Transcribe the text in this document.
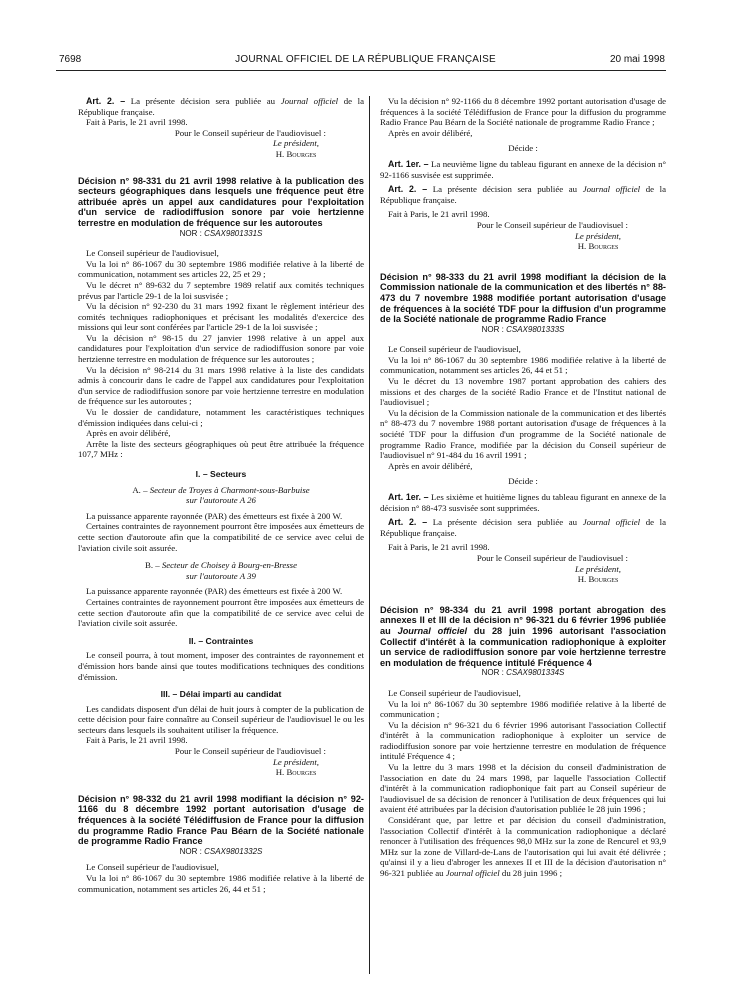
7698	JOURNAL OFFICIEL DE LA RÉPUBLIQUE FRANÇAISE	20 mai 1998

Art. 2. – La présente décision sera publiée au Journal officiel de la République française.

Fait à Paris, le 21 avril 1998.

Pour le Conseil supérieur de l'audiovisuel :

Le président,

H. Bourges

Décision n° 98-331 du 21 avril 1998 relative à la publication des secteurs géographiques dans lesquels une fréquence peut être attribuée après un appel aux candidatures pour l'exploitation d'un service de radiodiffusion sonore par voie hertzienne terrestre en modulation de fréquence sur les autoroutes

NOR : CSAX9801331S

Le Conseil supérieur de l'audiovisuel,

Vu la loi n° 86-1067 du 30 septembre 1986 modifiée relative à la liberté de communication, notamment ses articles 22, 25 et 29 ;

Vu le décret n° 89-632 du 7 septembre 1989 relatif aux comités techniques prévus par l'article 29-1 de la loi susvisée ;

Vu la décision n° 92-230 du 31 mars 1992 fixant le règlement intérieur des comités techniques radiophoniques et précisant les modalités d'exercice des missions qui leur sont conférées par l'article 29-1 de la loi susvisée ;

Vu la décision n° 98-15 du 27 janvier 1998 relative à un appel aux candidatures pour l'exploitation d'un service de radiodiffusion sonore par voie hertzienne terrestre en modulation de fréquence sur les autoroutes ;

Vu la décision n° 98-214 du 31 mars 1998 relative à la liste des candidats admis à concourir dans le cadre de l'appel aux candidatures pour l'exploitation d'un service de radiodiffusion sonore par voie hertzienne terrestre en modulation de fréquence sur les autoroutes ;

Vu le dossier de candidature, notamment les caractéristiques techniques d'émission indiquées dans celui-ci ;

Après en avoir délibéré,

Arrête la liste des secteurs géographiques où peut être attribuée la fréquence 107,7 MHz :

I. – Secteurs

A. – Secteur de Troyes à Charmont-sous-Barbuise

sur l'autoroute A 26

La puissance apparente rayonnée (PAR) des émetteurs est fixée à 200 W.

Certaines contraintes de rayonnement pourront être imposées aux émetteurs de cette section d'autoroute afin que la compatibilité de ce service avec celui de l'aviation civile soit assurée.

B. – Secteur de Choisey à Bourg-en-Bresse

sur l'autoroute A 39

La puissance apparente rayonnée (PAR) des émetteurs est fixée à 200 W.

Certaines contraintes de rayonnement pourront être imposées aux émetteurs de cette section d'autoroute afin que la compatibilité de ce service avec celui de l'aviation civile soit assurée.

II. – Contraintes

Le conseil pourra, à tout moment, imposer des contraintes de rayonnement et d'émission hors bande ainsi que toutes modifications techniques des conditions d'émission.

III. – Délai imparti au candidat

Les candidats disposent d'un délai de huit jours à compter de la publication de cette décision pour faire connaître au Conseil supérieur de l'audiovisuel le ou les secteurs dans lesquels ils souhaitent utiliser la fréquence.

Fait à Paris, le 21 avril 1998.

Pour le Conseil supérieur de l'audiovisuel :

Le président,

H. Bourges

Décision n° 98-332 du 21 avril 1998 modifiant la décision n° 92-1166 du 8 décembre 1992 portant autorisation d'usage de fréquences à la société Télédiffusion de France pour la diffusion du programme Radio France Pau Béarn de la Société nationale de programme Radio France

NOR : CSAX9801332S

Le Conseil supérieur de l'audiovisuel,

Vu la loi n° 86-1067 du 30 septembre 1986 modifiée relative à la liberté de communication, notamment ses articles 26, 44 et 51 ;

Vu la décision n° 92-1166 du 8 décembre 1992 portant autorisation d'usage de fréquences à la société Télédiffusion de France pour la diffusion du programme Radio France Pau Béarn de la Société nationale de programme Radio France ;

Après en avoir délibéré,

Décide :

Art. 1er. – La neuvième ligne du tableau figurant en annexe de la décision n° 92-1166 susvisée est supprimée.

Art. 2. – La présente décision sera publiée au Journal officiel de la République française.

Fait à Paris, le 21 avril 1998.

Pour le Conseil supérieur de l'audiovisuel :

Le président,

H. Bourges

Décision n° 98-333 du 21 avril 1998 modifiant la décision de la Commission nationale de la communication et des libertés n° 88-473 du 7 novembre 1988 modifiée portant autorisation d'usage de fréquences à la société TDF pour la diffusion d'un programme de la Société nationale de programme Radio France

NOR : CSAX9801333S

Le Conseil supérieur de l'audiovisuel,

Vu la loi n° 86-1067 du 30 septembre 1986 modifiée relative à la liberté de communication, notamment ses articles 26, 44 et 51 ;

Vu le décret du 13 novembre 1987 portant approbation des cahiers des missions et des charges de la société Radio France et de l'Institut national de l'audiovisuel ;

Vu la décision de la Commission nationale de la communication et des libertés n° 88-473 du 7 novembre 1988 portant autorisation d'usage de fréquences à la société TDF pour la diffusion d'un programme de la Société nationale de programme Radio France, modifiée par la décision du Conseil supérieur de l'audiovisuel n° 91-484 du 16 avril 1991 ;

Après en avoir délibéré,

Décide :

Art. 1er. – Les sixième et huitième lignes du tableau figurant en annexe de la décision n° 88-473 susvisée sont supprimées.

Art. 2. – La présente décision sera publiée au Journal officiel de la République française.

Fait à Paris, le 21 avril 1998.

Pour le Conseil supérieur de l'audiovisuel :

Le président,

H. Bourges

Décision n° 98-334 du 21 avril 1998 portant abrogation des annexes II et III de la décision n° 96-321 du 6 février 1996 publiée au Journal officiel du 28 juin 1996 autorisant l'association Collectif d'intérêt à la communication radiophonique à exploiter un service de radiodiffusion sonore par voie hertzienne terrestre en modulation de fréquence intitulé Fréquence 4

NOR : CSAX9801334S

Le Conseil supérieur de l'audiovisuel,

Vu la loi n° 86-1067 du 30 septembre 1986 modifiée relative à la liberté de communication ;

Vu la décision n° 96-321 du 6 février 1996 autorisant l'association Collectif d'intérêt à la communication radiophonique à exploiter un service de radiodiffusion sonore par voie hertzienne terrestre en modulation de fréquence intitulé Fréquence 4 ;

Vu la lettre du 3 mars 1998 et la décision du conseil d'administration de l'association en date du 24 mars 1998, par laquelle l'association Collectif d'intérêt à la communication radiophonique fait part au Conseil supérieur de l'audiovisuel de sa décision de renoncer à l'utilisation de deux fréquences qui lui avaient été attribuées par la décision d'autorisation publiée le 28 juin 1996 ;

Considérant que, par lettre et par décision du conseil d'administration, l'association Collectif d'intérêt à la communication radiophonique a déclaré renoncer à l'utilisation des fréquences 98,0 MHz sur la zone de Rencurel et 93,9 MHz sur la zone de Villard-de-Lans de l'autorisation qui lui avait été délivrée ; qu'ainsi il y a lieu d'abroger les annexes II et III de la décision d'autorisation n° 96-321 publiée au Journal officiel du 28 juin 1996 ;
